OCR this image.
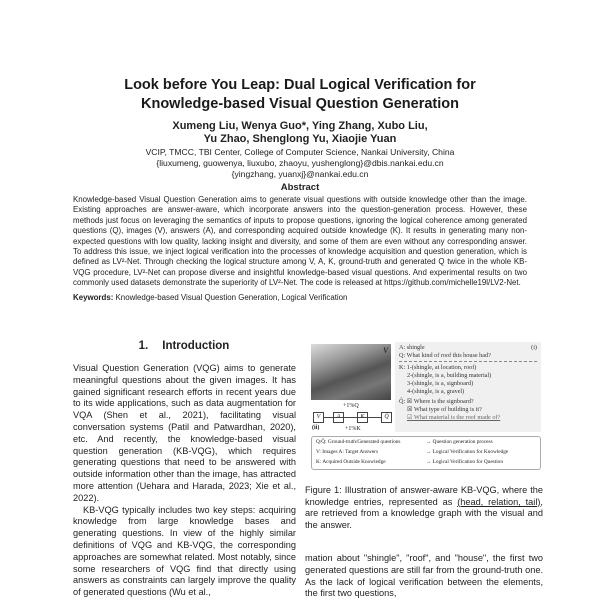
Look before You Leap: Dual Logical Verification for
Knowledge-based Visual Question Generation
Xumeng Liu, Wenya Guo*, Ying Zhang, Xubo Liu,
Yu Zhao, Shenglong Yu, Xiaojie Yuan
VCIP, TMCC, TBI Center, College of Computer Science, Nankai University, China
{liuxumeng, guowenya, liuxubo, zhaoyu, yushenglong}@dbis.nankai.edu.cn
{yingzhang, yuanxj}@nankai.edu.cn
Abstract
Knowledge-based Visual Question Generation aims to generate visual questions with outside knowledge other than the image. Existing approaches are answer-aware, which incorporate answers into the question-generation process. However, these methods just focus on leveraging the semantics of inputs to propose questions, ignoring the logical coherence among generated questions (Q), images (V), answers (A), and corresponding acquired outside knowledge (K). It results in generating many non-expected questions with low quality, lacking insight and diversity, and some of them are even without any corresponding answer. To address this issue, we inject logical verification into the processes of knowledge acquisition and question generation, which is defined as LV²-Net. Through checking the logical structure among V, A, K, ground-truth and generated Q twice in the whole KB-VQG procedure, LV²-Net can propose diverse and insightful knowledge-based visual questions. And experimental results on two commonly used datasets demonstrate the superiority of LV²-Net. The code is released at https://github.com/michelle19l/LV2-Net.
Keywords: Knowledge-based Visual Question Generation, Logical Verification
1. Introduction

Visual Question Generation (VQG) aims to generate meaningful questions about the given images. It has gained significant research efforts in recent years due to its wide applications, such as data augmentation for VQA (Shen et al., 2021), facilitating visual conversation systems (Patil and Patwardhan, 2020), etc. And recently, the knowledge-based visual question generation (KB-VQG), which requires generating questions that need to be answered with outside information other than the image, has attracted more attention (Uehara and Harada, 2023; Xie et al., 2022).

KB-VQG typically includes two key steps: acquiring knowledge from large knowledge bases and generating questions. In view of the highly similar definitions of VQG and KB-VQG, the corresponding approaches are somewhat related. Most notably, since some researchers of VQG find that directly using answers as constraints can largely improve the quality of generated questions (Wu et al.,

V	(i)
A: shingle
Q: What kind of roof this house had?
K: 1-(shingle, at location, roof)
2-(shingle, is a, building material)
3-(shingle, is a, signboard)
4-(shingle, is a, gravel)
Q̂: ☒ Where is the signboard?
☒ What type of building is it?
☑ What material is the roof made of?
+1%Q
V	A	K	Q̂
(ii)	+1%K
Q/Q̂: Ground-truth/Generated questions	→ Question generation process
V: Images A: Target Answers	→ Logical Verification for Knowledge
K: Acquired Outside Knowledge	→ Logical Verification for Question
Figure 1: Illustration of answer-aware KB-VQG, where the knowledge entries, represented as (head, relation, tail), are retrieved from a knowledge graph with the visual and the answer.
mation about "shingle", "roof", and "house", the first two generated questions are still far from the ground-truth one. As the lack of logical verification between the elements, the first two questions,
